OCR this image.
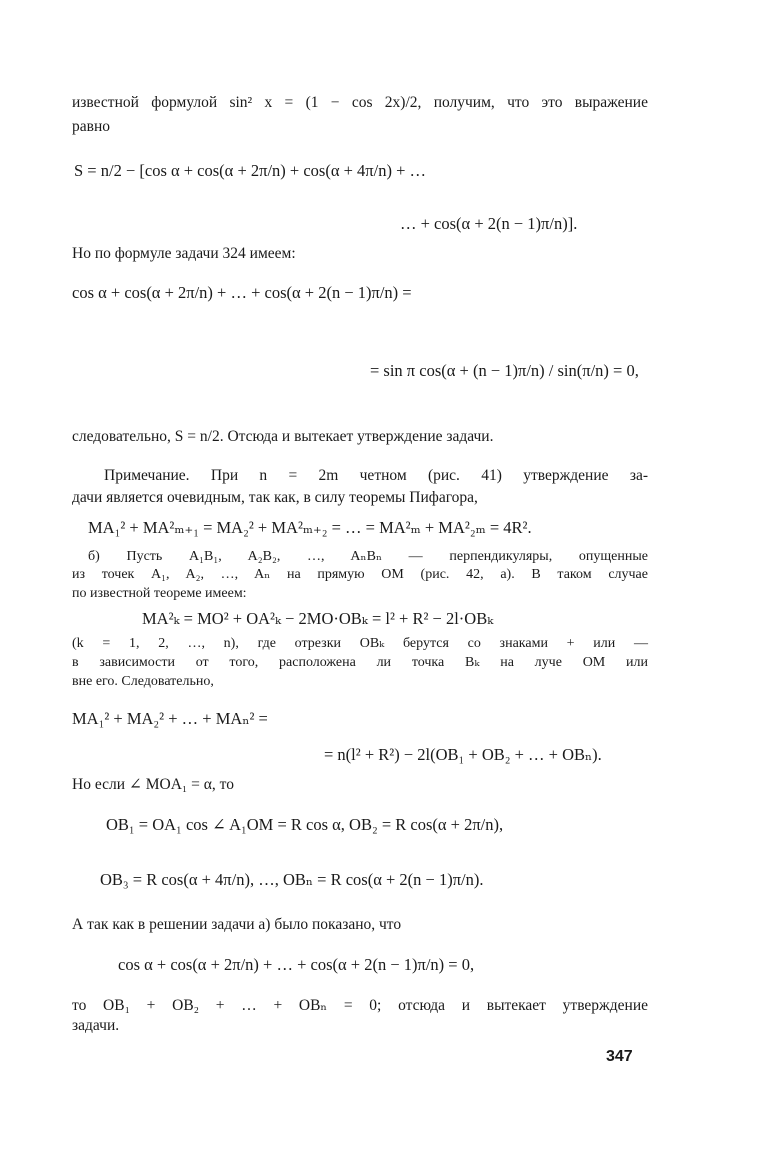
известной формулой sin² x = (1 − cos 2x)/2, получим, что это выражение
равно
S = n/2 − [cos α + cos(α + 2π/n) + cos(α + 4π/n) + …
… + cos(α + 2(n − 1)π/n)].
Но по формуле задачи 324 имеем:
cos α + cos(α + 2π/n) + … + cos(α + 2(n − 1)π/n) =
= sin π cos(α + (n − 1)π/n) / sin(π/n) = 0,
следовательно, S = n/2. Отсюда и вытекает утверждение задачи.
Примечание. При n = 2m четном (рис. 41) утверждение за-
дачи является очевидным, так как, в силу теоремы Пифагора,
MA₁² + MA²ₘ₊₁ = MA₂² + MA²ₘ₊₂ = … = MA²ₘ + MA²₂ₘ = 4R².
б) Пусть A₁B₁, A₂B₂, …, AₙBₙ — перпендикуляры, опущенные
из точек A₁, A₂, …, Aₙ на прямую OM (рис. 42, а). В таком случае
по известной теореме имеем:
MA²ₖ = MO² + OA²ₖ − 2MO·OBₖ = l² + R² − 2l·OBₖ
(k = 1, 2, …, n), где отрезки OBₖ берутся со знаками + или —
в зависимости от того, расположена ли точка Bₖ на луче OM или
вне его. Следовательно,
MA₁² + MA₂² + … + MAₙ² =
= n(l² + R²) − 2l(OB₁ + OB₂ + … + OBₙ).
Но если ∠ MOA₁ = α, то
OB₁ = OA₁ cos ∠ A₁OM = R cos α, OB₂ = R cos(α + 2π/n),
OB₃ = R cos(α + 4π/n), …, OBₙ = R cos(α + 2(n − 1)π/n).
А так как в решении задачи а) было показано, что
cos α + cos(α + 2π/n) + … + cos(α + 2(n − 1)π/n) = 0,
то OB₁ + OB₂ + … + OBₙ = 0; отсюда и вытекает утверждение
задачи.
347
